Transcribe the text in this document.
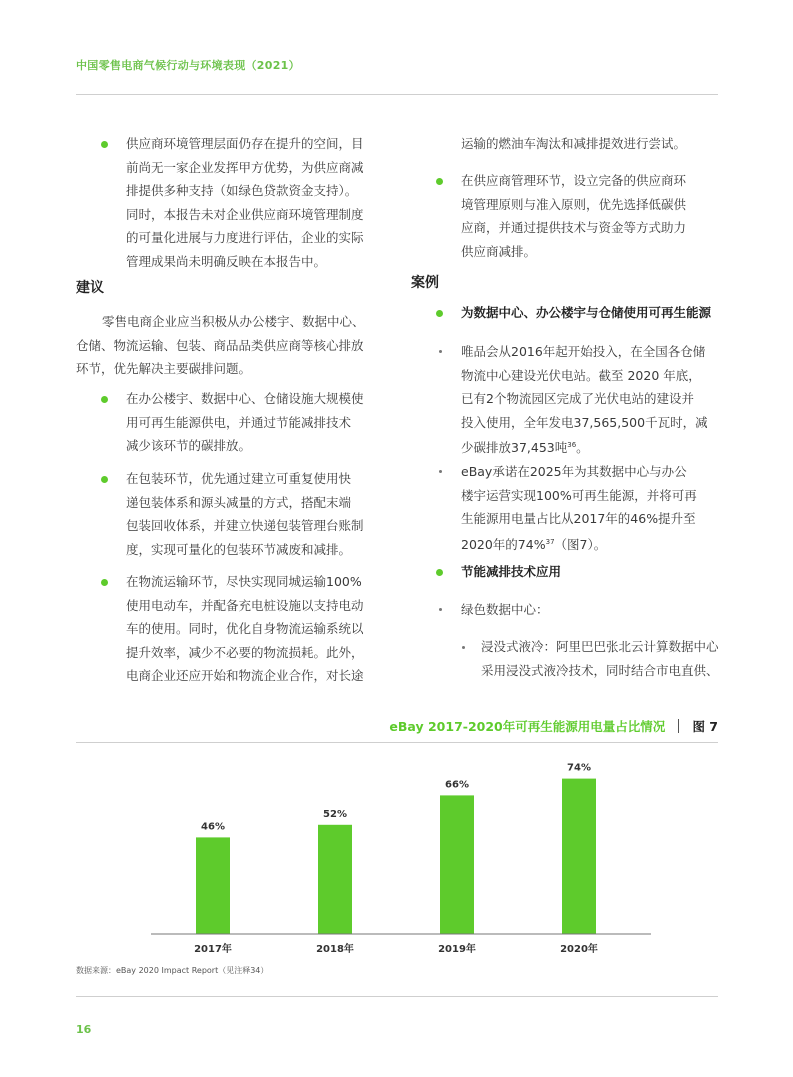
中国零售电商气候行动与环境表现（2021）
供应商环境管理层面仍存在提升的空间，目
前尚无一家企业发挥甲方优势，为供应商减
排提供多种支持（如绿色贷款资金支持）。
同时，本报告未对企业供应商环境管理制度
的可量化进展与力度进行评估，企业的实际
管理成果尚未明确反映在本报告中。
建议
零售电商企业应当积极从办公楼宇、数据中心、
仓储、物流运输、包装、商品品类供应商等核心排放
环节，优先解决主要碳排问题。
在办公楼宇、数据中心、仓储设施大规模使
用可再生能源供电，并通过节能减排技术
减少该环节的碳排放。
在包装环节，优先通过建立可重复使用快
递包装体系和源头减量的方式，搭配末端
包装回收体系，并建立快递包装管理台账制
度，实现可量化的包装环节减废和减排。
在物流运输环节，尽快实现同城运输100%
使用电动车，并配备充电桩设施以支持电动
车的使用。同时，优化自身物流运输系统以
提升效率，减少不必要的物流损耗。此外，
电商企业还应开始和物流企业合作，对长途
运输的燃油车淘汰和减排提效进行尝试。
在供应商管理环节，设立完备的供应商环
境管理原则与准入原则，优先选择低碳供
应商，并通过提供技术与资金等方式助力
供应商减排。
案例
为数据中心、办公楼宇与仓储使用可再生能源
唯品会从2016年起开始投入，在全国各仓储
物流中心建设光伏电站。截至 2020 年底，
已有2个物流园区完成了光伏电站的建设并
投入使用，全年发电37,565,500千瓦时，减
少碳排放37,453吨$^{36}$。
eBay承诺在2025年为其数据中心与办公
楼宇运营实现100%可再生能源，并将可再
生能源用电量占比从2017年的46%提升至
2020年的74%$^{37}$（图7）。
节能减排技术应用
绿色数据中心：
浸没式液冷：阿里巴巴张北云计算数据中心
采用浸没式液冷技术，同时结合市电直供、
eBay 2017-2020年可再生能源用电量占比情况 图 7
46%
2017年
52%
2018年
66%
2019年
74%
2020年
数据来源：eBay 2020 Impact Report（见注释34）
16
